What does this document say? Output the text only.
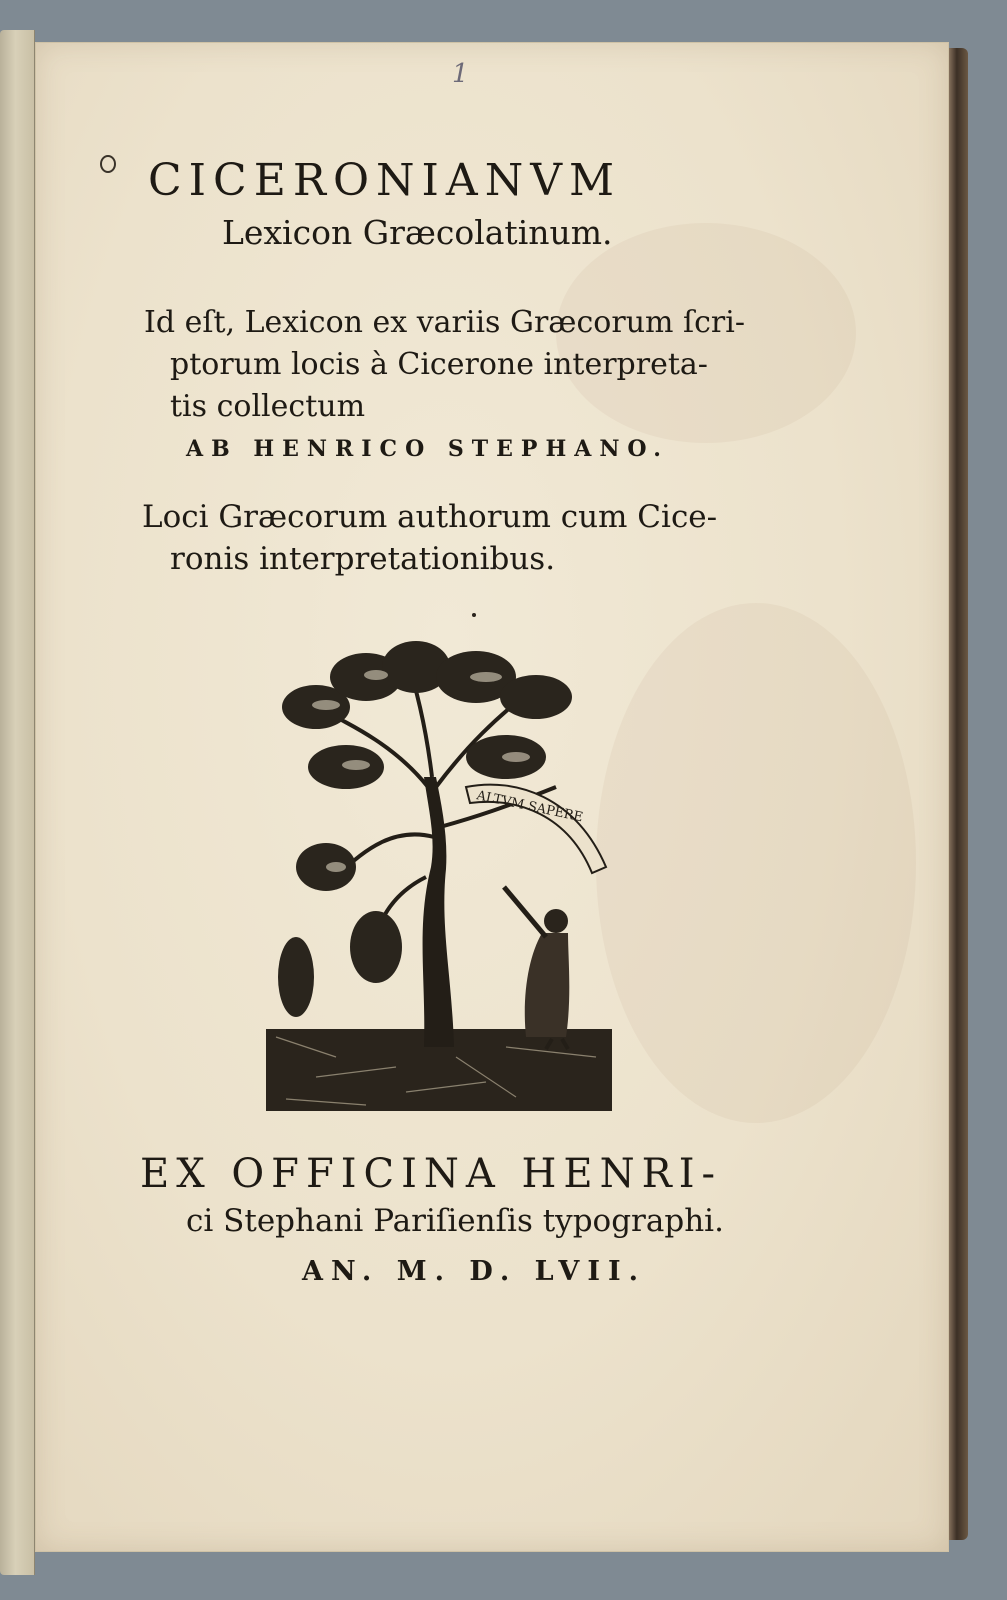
1
CICERONIANVM
Lexicon Græcolatinum.
Id eſt, Lexicon ex variis Græcorum ſcri-
ptorum locis à Cicerone interpreta-
tis collectum
AB HENRICO STEPHANO.
Loci Græcorum authorum cum Cice-
ronis interpretationibus.
ALTVM SAPERE
EX OFFICINA HENRI-
ci Stephani Pariſienſis typographi.
AN. M. D. LVII.
